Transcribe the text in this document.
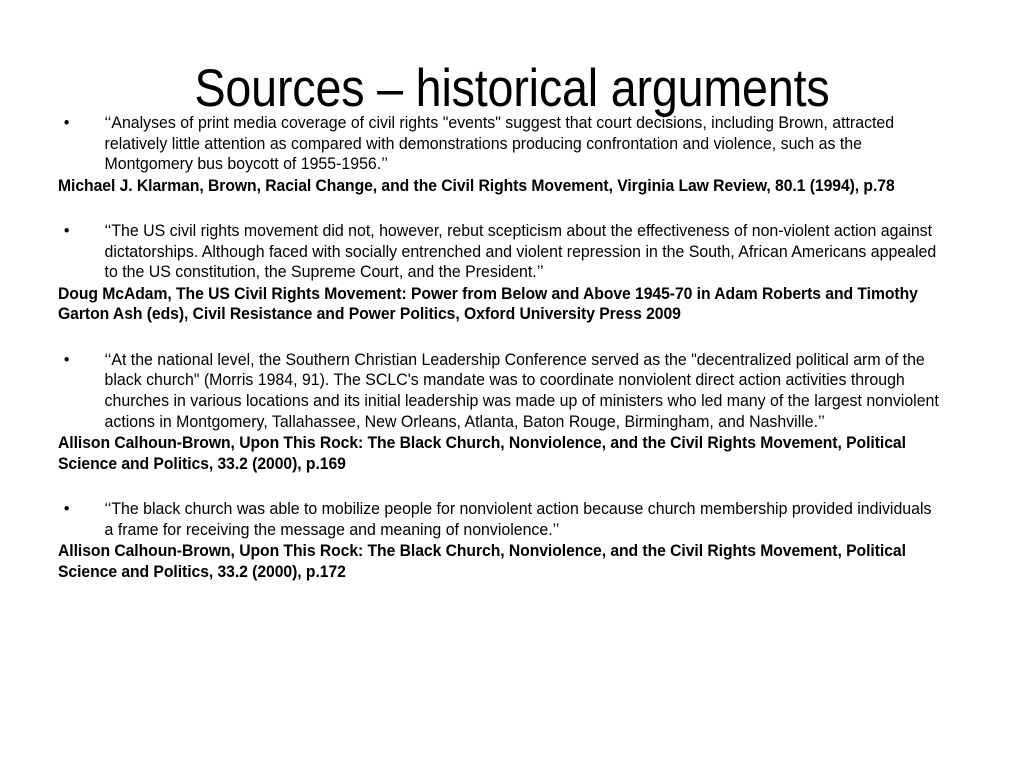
Sources – historical arguments
•	‘‘Analyses of print media coverage of civil rights "events" suggest that court decisions, including Brown, attracted relatively little attention as compared with demonstrations producing confrontation and violence, such as the Montgomery bus boycott of 1955-1956.’’
Michael J. Klarman, Brown, Racial Change, and the Civil Rights Movement, Virginia Law Review, 80.1 (1994), p.78
•	‘‘The US civil rights movement did not, however, rebut scepticism about the effectiveness of non-violent action against dictatorships. Although faced with socially entrenched and violent repression in the South, African Americans appealed to the US constitution, the Supreme Court, and the President.’’
Doug McAdam, The US Civil Rights Movement: Power from Below and Above 1945-70 in Adam Roberts and Timothy Garton Ash (eds), Civil Resistance and Power Politics, Oxford University Press 2009
•	‘‘At the national level, the Southern Christian Leadership Conference served as the "decentralized political arm of the black church" (Morris 1984, 91). The SCLC's mandate was to coordinate nonviolent direct action activities through churches in various locations and its initial leadership was made up of ministers who led many of the largest nonviolent actions in Montgomery, Tallahassee, New Orleans, Atlanta, Baton Rouge, Birmingham, and Nashville.’’
Allison Calhoun-Brown, Upon This Rock: The Black Church, Nonviolence, and the Civil Rights Movement, Political Science and Politics, 33.2 (2000), p.169
•	‘‘The black church was able to mobilize people for nonviolent action because church membership provided individuals a frame for receiving the message and meaning of nonviolence.’’
Allison Calhoun-Brown, Upon This Rock: The Black Church, Nonviolence, and the Civil Rights Movement, Political Science and Politics, 33.2 (2000), p.172
